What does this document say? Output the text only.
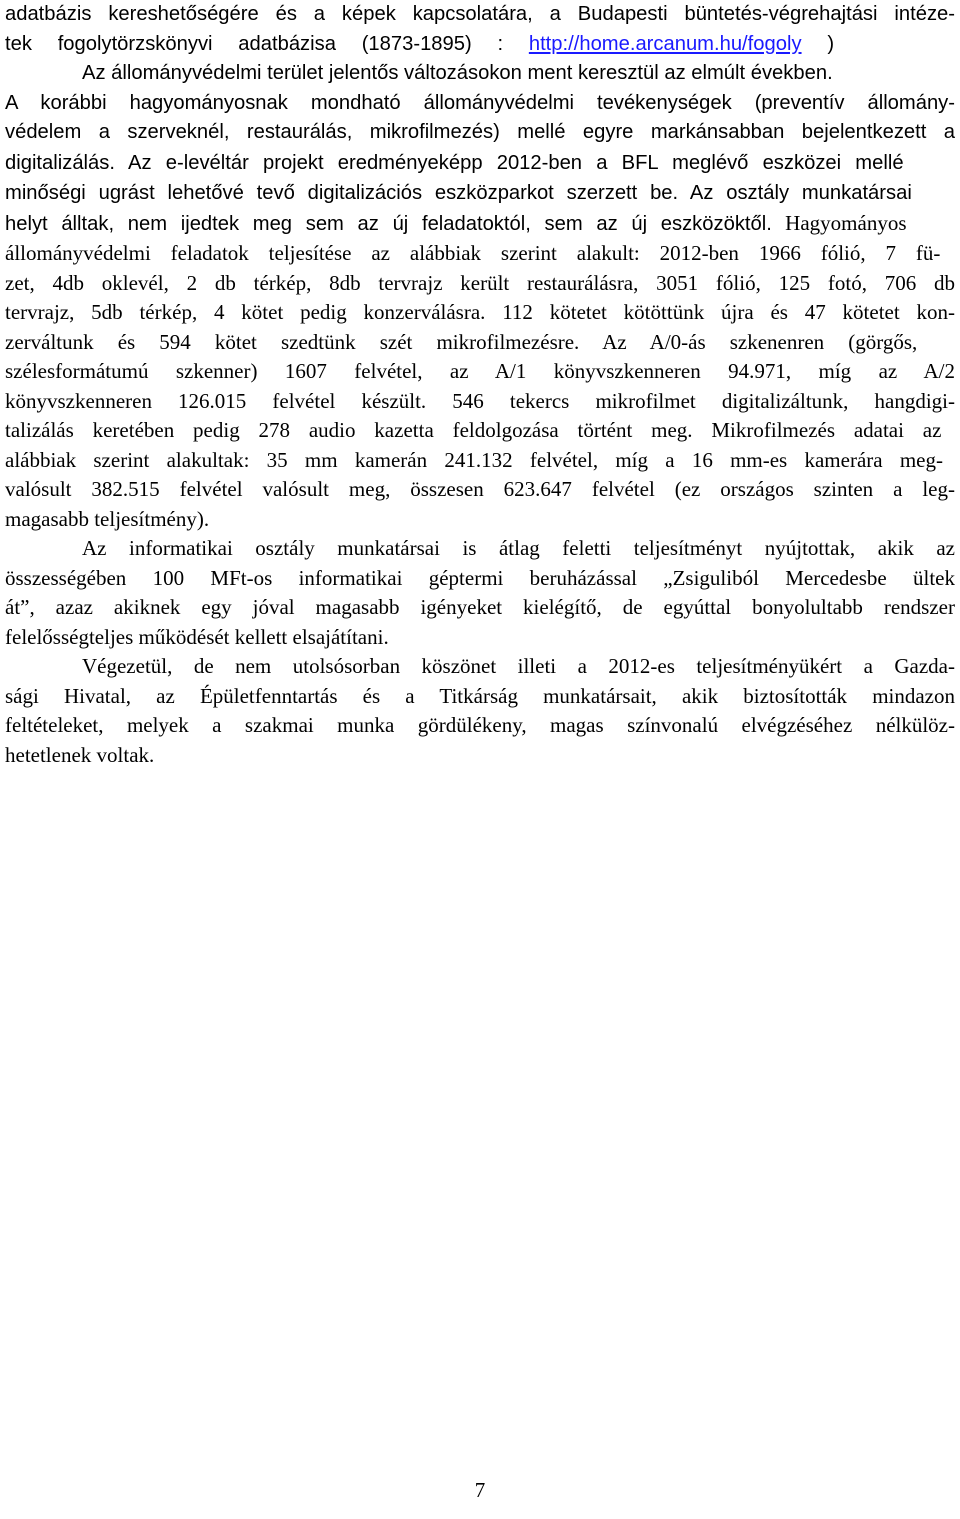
adatbázis kereshetőségére és a képek kapcsolatára, a Budapesti büntetés-végrehajtási intéze-
tek fogolytörzskönyvi adatbázisa (1873-1895) : http://home.arcanum.hu/fogoly )
Az állományvédelmi terület jelentős változásokon ment keresztül az elmúlt években.
A korábbi hagyományosnak mondható állományvédelmi tevékenységek (preventív állomány-
védelem a szerveknél, restaurálás, mikrofilmezés) mellé egyre markánsabban bejelentkezett a
digitalizálás. Az e-levéltár projekt eredményeképp 2012-ben a BFL meglévő eszközei mellé
minőségi ugrást lehetővé tevő digitalizációs eszközparkot szerzett be. Az osztály munkatársai
helyt álltak, nem ijedtek meg sem az új feladatoktól, sem az új eszközöktől. Hagyományos
állományvédelmi feladatok teljesítése az alábbiak szerint alakult: 2012-ben 1966 fólió, 7 fü-
zet, 4db oklevél, 2 db térkép, 8db tervrajz került restaurálásra, 3051 fólió, 125 fotó, 706 db
tervrajz, 5db térkép, 4 kötet pedig konzerválásra. 112 kötetet kötöttünk újra és 47 kötetet kon-
zerváltunk és 594 kötet szedtünk szét mikrofilmezésre. Az A/0-ás szkenenren (görgős,
szélesformátumú szkenner) 1607 felvétel, az A/1 könyvszkenneren 94.971, míg az A/2
könyvszkenneren 126.015 felvétel készült. 546 tekercs mikrofilmet digitalizáltunk, hangdigi-
talizálás keretében pedig 278 audio kazetta feldolgozása történt meg. Mikrofilmezés adatai az
alábbiak szerint alakultak: 35 mm kamerán 241.132 felvétel, míg a 16 mm-es kamerára meg-
valósult 382.515 felvétel valósult meg, összesen 623.647 felvétel (ez országos szinten a leg-
magasabb teljesítmény).
Az informatikai osztály munkatársai is átlag feletti teljesítményt nyújtottak, akik az
összességében 100 MFt-os informatikai géptermi beruházással „Zsiguliból Mercedesbe ültek
át”, azaz akiknek egy jóval magasabb igényeket kielégítő, de egyúttal bonyolultabb rendszer
felelősségteljes működését kellett elsajátítani.
Végezetül, de nem utolsósorban köszönet illeti a 2012-es teljesítményükért a Gazda-
sági Hivatal, az Épületfenntartás és a Titkárság munkatársait, akik biztosították mindazon
feltételeket, melyek a szakmai munka gördülékeny, magas színvonalú elvégzéséhez nélkülöz-
hetetlenek voltak.
7
